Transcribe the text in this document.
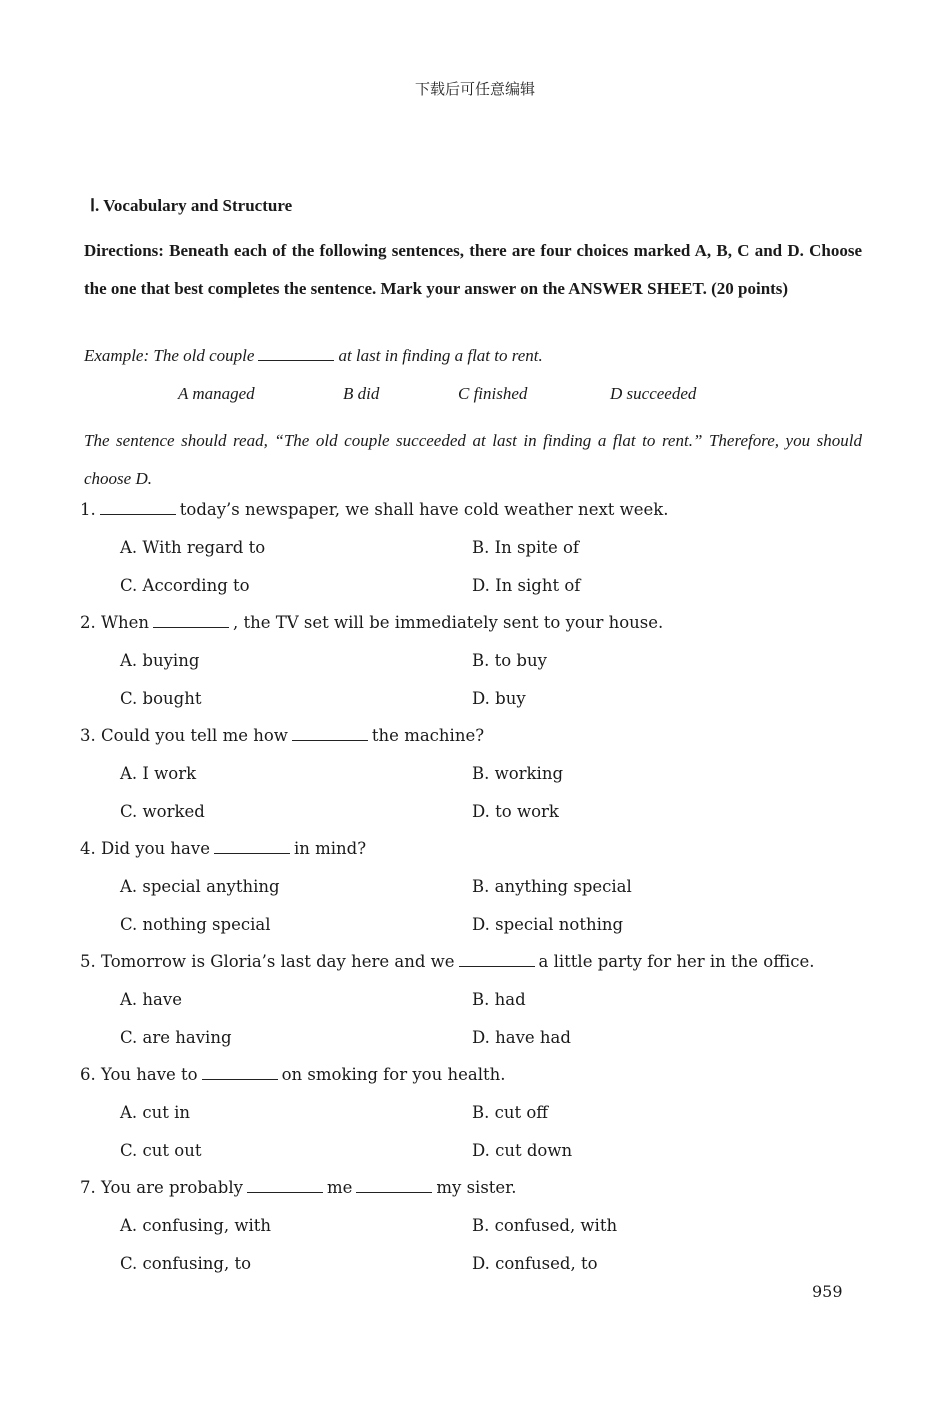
下载后可任意编辑
Ⅰ. Vocabulary and Structure
Directions: Beneath each of the following sentences, there are four choices marked A, B, C and D. Choose the one that best completes the sentence. Mark your answer on the ANSWER SHEET. (20 points)
Example: The old couple	at last in finding a flat to rent.
A managed	B did	C finished	D succeeded
The sentence should read, “The old couple succeeded at last in finding a flat to rent.” Therefore, you should choose D.
1.	today’s newspaper, we shall have cold weather next week.
A. With regard to	B. In spite of
C. According to	D. In sight of
2. When	, the TV set will be immediately sent to your house.
A. buying	B. to buy
C. bought	D. buy
3. Could you tell me how	the machine?
A. I work	B. working
C. worked	D. to work
4. Did you have	in mind?
A. special anything	B. anything special
C. nothing special	D. special nothing
5. Tomorrow is Gloria’s last day here and we	a little party for her in the office.
A. have	B. had
C. are having	D. have had
6. You have to	on smoking for you health.
A. cut in	B. cut off
C. cut out	D. cut down
7. You are probably	me	my sister.
A. confusing, with	B. confused, with
C. confusing, to	D. confused, to
959
